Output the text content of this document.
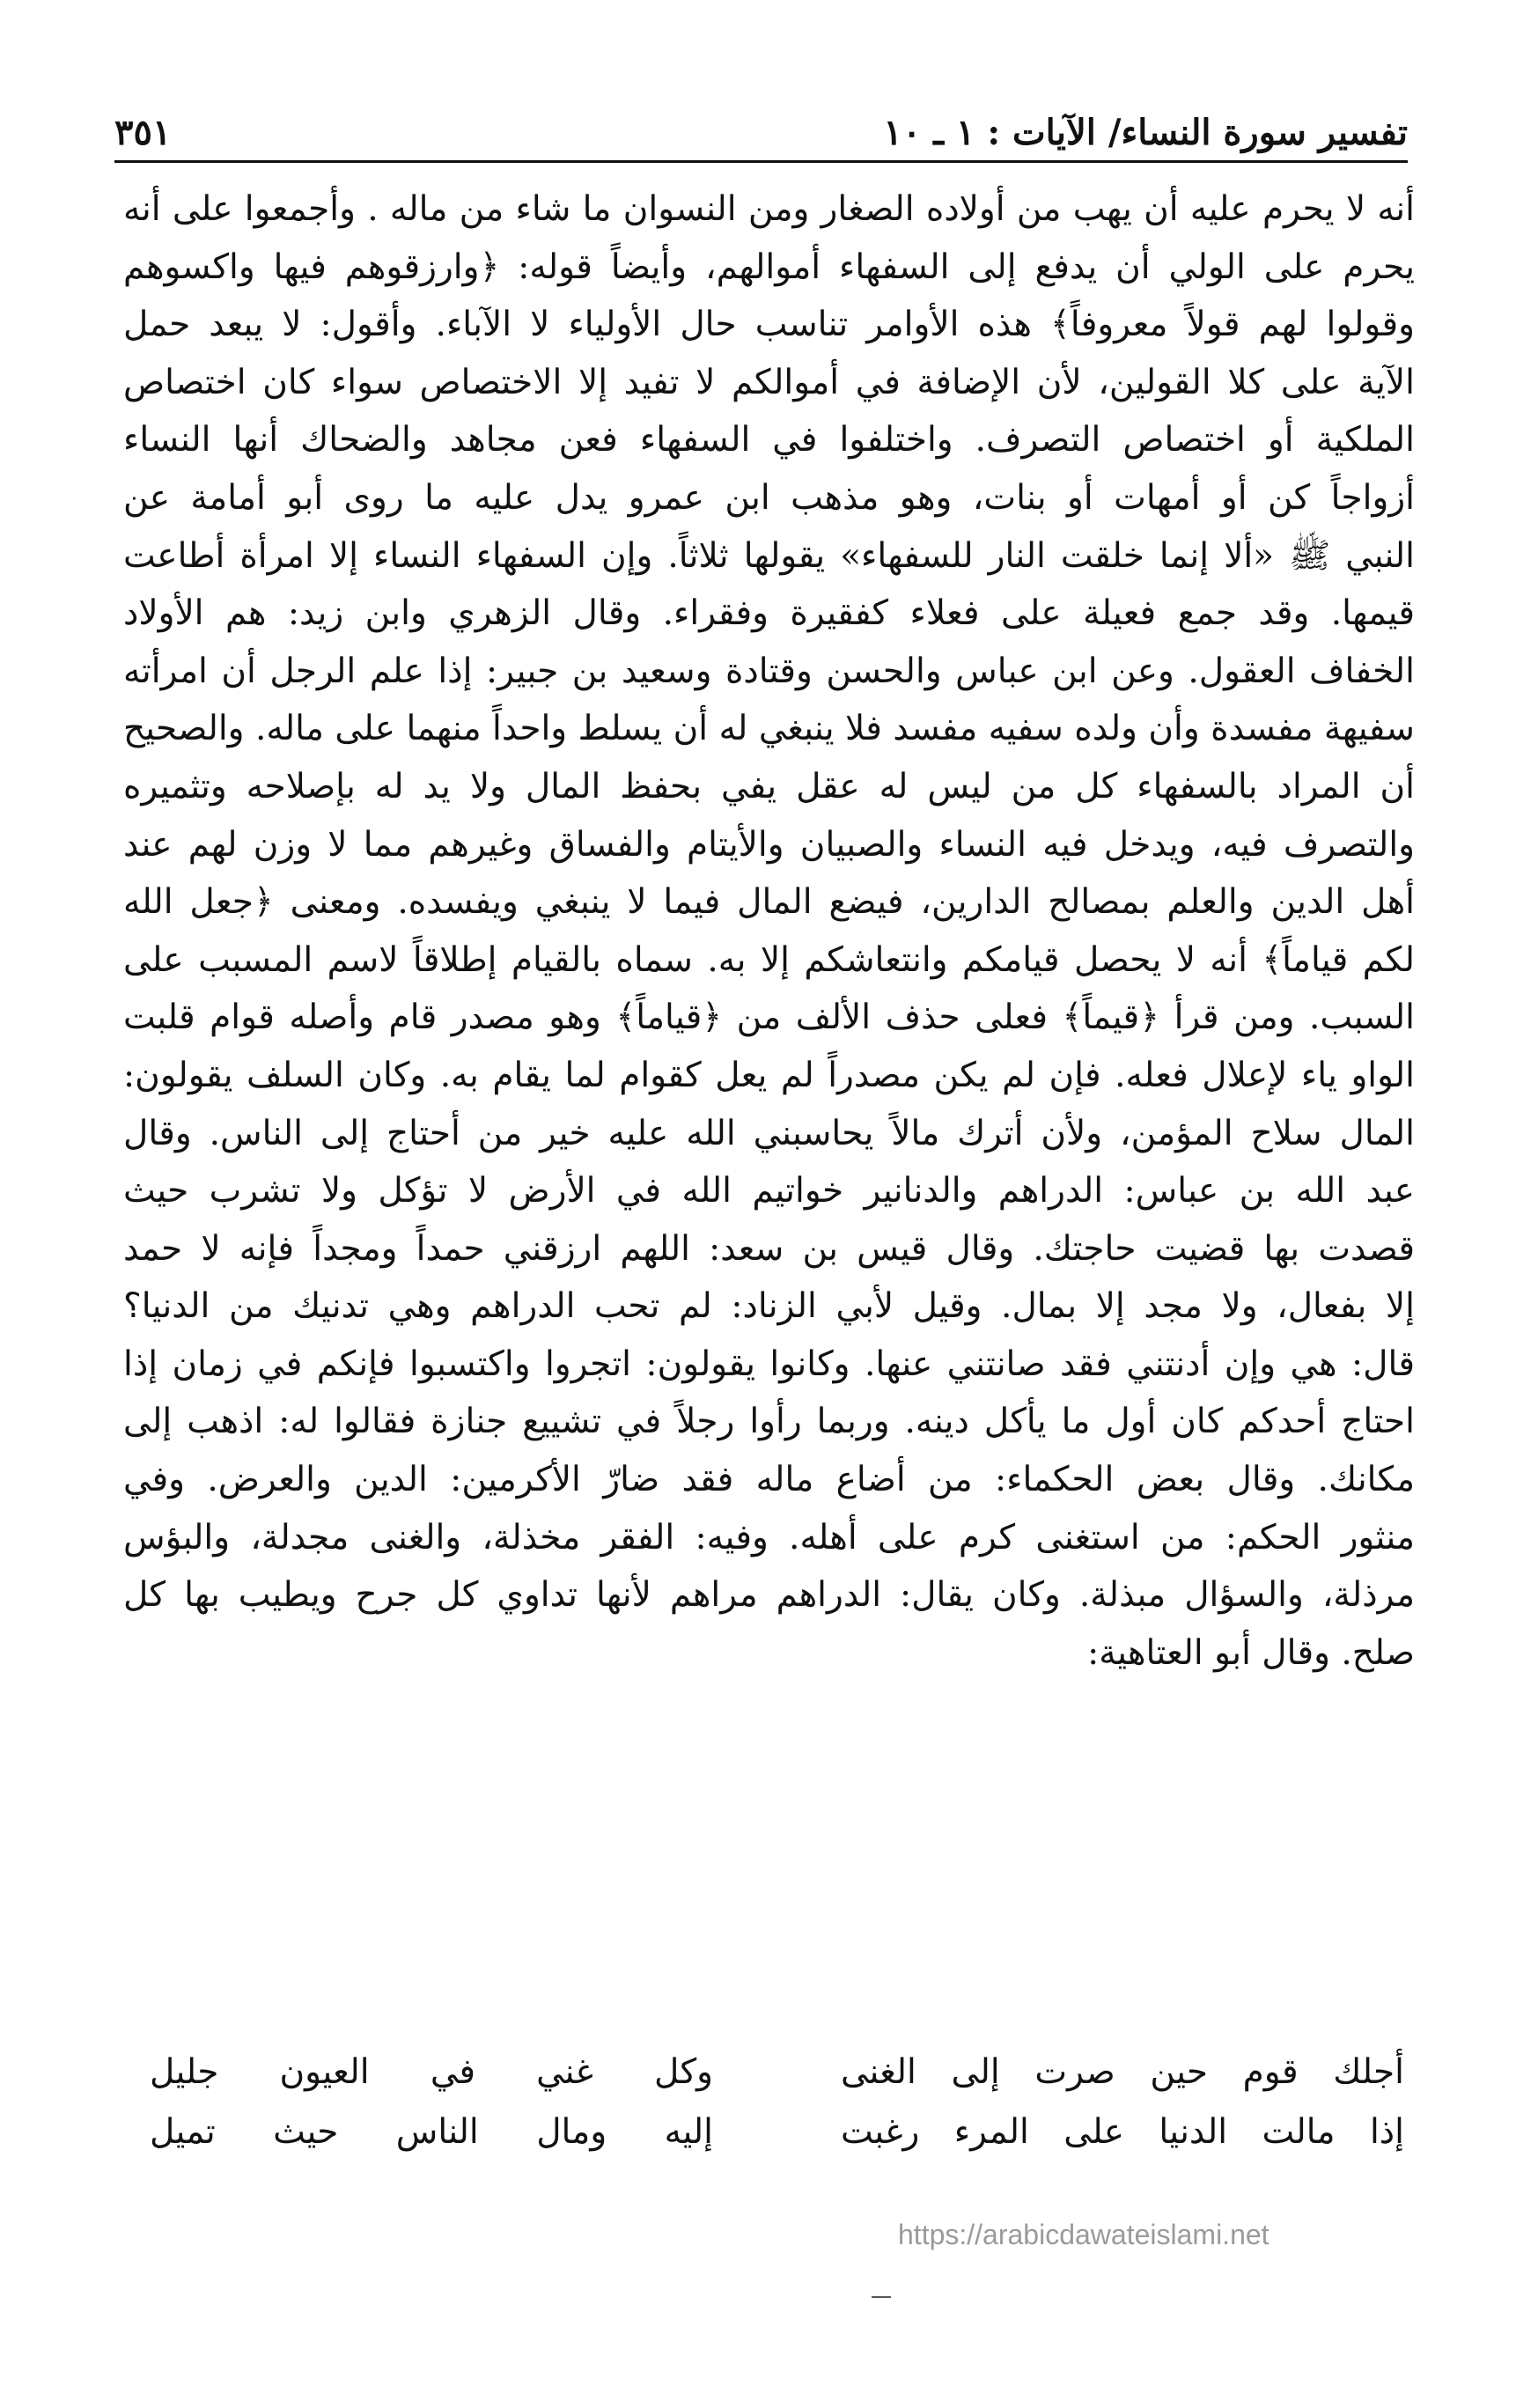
٣٥١	تفسير سورة النساء/ الآيات : ١ ـ ١٠
أنه لا يحرم عليه أن يهب من أولاده الصغار ومن النسوان ما شاء من ماله . وأجمعوا على أنه
يحرم على الولي أن يدفع إلى السفهاء أموالهم، وأيضاً قوله: ﴿وارزقوهم فيها واكسوهم
وقولوا لهم قولاً معروفاً﴾ هذه الأوامر تناسب حال الأولياء لا الآباء. وأقول: لا يبعد حمل
الآية على كلا القولين، لأن الإضافة في أموالكم لا تفيد إلا الاختصاص سواء كان اختصاص
الملكية أو اختصاص التصرف. واختلفوا في السفهاء فعن مجاهد والضحاك أنها النساء
أزواجاً كن أو أمهات أو بنات، وهو مذهب ابن عمرو يدل عليه ما روى أبو أمامة عن
النبي ﷺ «ألا إنما خلقت النار للسفهاء» يقولها ثلاثاً. وإن السفهاء النساء إلا امرأة أطاعت
قيمها. وقد جمع فعيلة على فعلاء كفقيرة وفقراء. وقال الزهري وابن زيد: هم الأولاد
الخفاف العقول. وعن ابن عباس والحسن وقتادة وسعيد بن جبير: إذا علم الرجل أن امرأته
سفيهة مفسدة وأن ولده سفيه مفسد فلا ينبغي له أن يسلط واحداً منهما على ماله. والصحيح
أن المراد بالسفهاء كل من ليس له عقل يفي بحفظ المال ولا يد له بإصلاحه وتثميره
والتصرف فيه، ويدخل فيه النساء والصبيان والأيتام والفساق وغيرهم مما لا وزن لهم عند
أهل الدين والعلم بمصالح الدارين، فيضع المال فيما لا ينبغي ويفسده. ومعنى ﴿جعل الله
لكم قياماً﴾ أنه لا يحصل قيامكم وانتعاشكم إلا به. سماه بالقيام إطلاقاً لاسم المسبب على
السبب. ومن قرأ ﴿قيماً﴾ فعلى حذف الألف من ﴿قياماً﴾ وهو مصدر قام وأصله قوام قلبت
الواو ياء لإعلال فعله. فإن لم يكن مصدراً لم يعل كقوام لما يقام به. وكان السلف يقولون:
المال سلاح المؤمن، ولأن أترك مالاً يحاسبني الله عليه خير من أحتاج إلى الناس. وقال
عبد الله بن عباس: الدراهم والدنانير خواتيم الله في الأرض لا تؤكل ولا تشرب حيث
قصدت بها قضيت حاجتك. وقال قيس بن سعد: اللهم ارزقني حمداً ومجداً فإنه لا حمد
إلا بفعال، ولا مجد إلا بمال. وقيل لأبي الزناد: لم تحب الدراهم وهي تدنيك من الدنيا؟
قال: هي وإن أدنتني فقد صانتني عنها. وكانوا يقولون: اتجروا واكتسبوا فإنكم في زمان إذا
احتاج أحدكم كان أول ما يأكل دينه. وربما رأوا رجلاً في تشييع جنازة فقالوا له: اذهب إلى
مكانك. وقال بعض الحكماء: من أضاع ماله فقد ضارّ الأكرمين: الدين والعرض. وفي
منثور الحكم: من استغنى كرم على أهله. وفيه: الفقر مخذلة، والغنى مجدلة، والبؤس
مرذلة، والسؤال مبذلة. وكان يقال: الدراهم مراهم لأنها تداوي كل جرح ويطيب بها كل
صلح. وقال أبو العتاهية:
أجلك قوم حين صرت إلى الغنى
وكل غني في العيون جليل
إذا مالت الدنيا على المرء رغبت
إليه ومال الناس حيث تميل
https://arabicdawateislami.net
